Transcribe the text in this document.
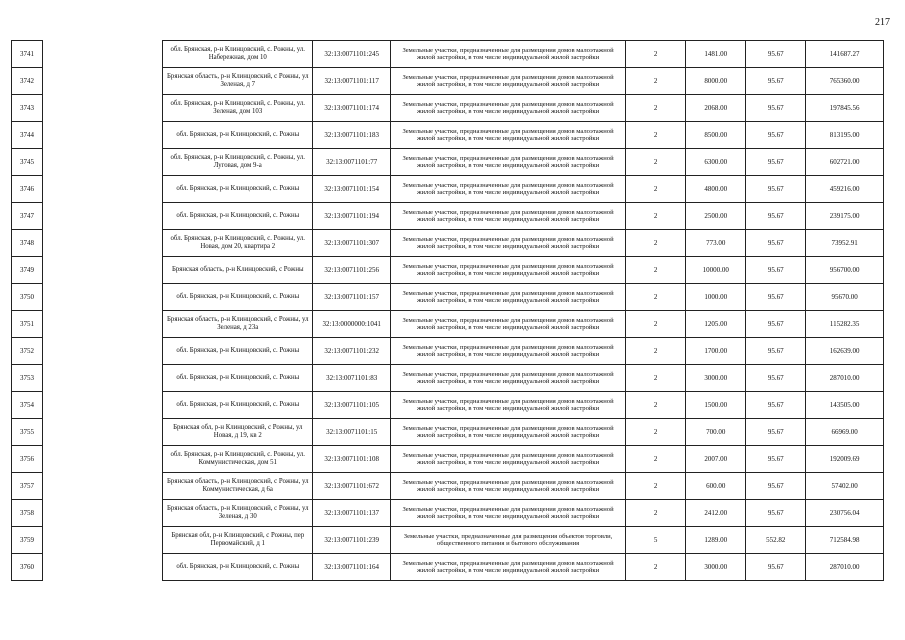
217
3741		обл. Брянская, р-н Клинцовский, с. Рожны, ул. Набережная, дом 10	32:13:0071101:245	Земельные участки, предназначенные для размещения домов малоэтажной жилой застройки, в том числе индивидуальной жилой застройки	2	1481.00	95.67	141687.27
3742		Брянская область, р-н Клинцовский, с Рожны, ул Зеленая, д 7	32:13:0071101:117	Земельные участки, предназначенные для размещения домов малоэтажной жилой застройки, в том числе индивидуальной жилой застройки	2	8000.00	95.67	765360.00
3743		обл. Брянская, р-н Клинцовский, с. Рожны, ул. Зеленая, дом 103	32:13:0071101:174	Земельные участки, предназначенные для размещения домов малоэтажной жилой застройки, в том числе индивидуальной жилой застройки	2	2068.00	95.67	197845.56
3744		обл. Брянская, р-н Клинцовский, с. Рожны	32:13:0071101:183	Земельные участки, предназначенные для размещения домов малоэтажной жилой застройки, в том числе индивидуальной жилой застройки	2	8500.00	95.67	813195.00
3745		обл. Брянская, р-н Клинцовский, с. Рожны, ул. Луговая, дом 9-а	32:13:0071101:77	Земельные участки, предназначенные для размещения домов малоэтажной жилой застройки, в том числе индивидуальной жилой застройки	2	6300.00	95.67	602721.00
3746		обл. Брянская, р-н Клинцовский, с. Рожны	32:13:0071101:154	Земельные участки, предназначенные для размещения домов малоэтажной жилой застройки, в том числе индивидуальной жилой застройки	2	4800.00	95.67	459216.00
3747		обл. Брянская, р-н Клинцовский, с. Рожны	32:13:0071101:194	Земельные участки, предназначенные для размещения домов малоэтажной жилой застройки, в том числе индивидуальной жилой застройки	2	2500.00	95.67	239175.00
3748		обл. Брянская, р-н Клинцовский, с. Рожны, ул. Новая, дом 20, квартира 2	32:13:0071101:307	Земельные участки, предназначенные для размещения домов малоэтажной жилой застройки, в том числе индивидуальной жилой застройки	2	773.00	95.67	73952.91
3749		Брянская область, р-н Клинцовский, с Рожны	32:13:0071101:256	Земельные участки, предназначенные для размещения домов малоэтажной жилой застройки, в том числе индивидуальной жилой застройки	2	10000.00	95.67	956700.00
3750		обл. Брянская, р-н Клинцовский, с. Рожны	32:13:0071101:157	Земельные участки, предназначенные для размещения домов малоэтажной жилой застройки, в том числе индивидуальной жилой застройки	2	1000.00	95.67	95670.00
3751		Брянская область, р-н Клинцовский, с Рожны, ул Зеленая, д 23а	32:13:0000000:1041	Земельные участки, предназначенные для размещения домов малоэтажной жилой застройки, в том числе индивидуальной жилой застройки	2	1205.00	95.67	115282.35
3752		обл. Брянская, р-н Клинцовский, с. Рожны	32:13:0071101:232	Земельные участки, предназначенные для размещения домов малоэтажной жилой застройки, в том числе индивидуальной жилой застройки	2	1700.00	95.67	162639.00
3753		обл. Брянская, р-н Клинцовский, с. Рожны	32:13:0071101:83	Земельные участки, предназначенные для размещения домов малоэтажной жилой застройки, в том числе индивидуальной жилой застройки	2	3000.00	95.67	287010.00
3754		обл. Брянская, р-н Клинцовский, с. Рожны	32:13:0071101:105	Земельные участки, предназначенные для размещения домов малоэтажной жилой застройки, в том числе индивидуальной жилой застройки	2	1500.00	95.67	143505.00
3755		Брянская обл, р-н Клинцовский, с Рожны, ул Новая, д 19, кв 2	32:13:0071101:15	Земельные участки, предназначенные для размещения домов малоэтажной жилой застройки, в том числе индивидуальной жилой застройки	2	700.00	95.67	66969.00
3756		обл. Брянская, р-н Клинцовский, с. Рожны, ул. Коммунистическая, дом 51	32:13:0071101:108	Земельные участки, предназначенные для размещения домов малоэтажной жилой застройки, в том числе индивидуальной жилой застройки	2	2007.00	95.67	192009.69
3757		Брянская область, р-н Клинцовский, с Рожны, ул Коммунистическая, д 6а	32:13:0071101:672	Земельные участки, предназначенные для размещения домов малоэтажной жилой застройки, в том числе индивидуальной жилой застройки	2	600.00	95.67	57402.00
3758		Брянская область, р-н Клинцовский, с Рожны, ул Зеленая, д 30	32:13:0071101:137	Земельные участки, предназначенные для размещения домов малоэтажной жилой застройки, в том числе индивидуальной жилой застройки	2	2412.00	95.67	230756.04
3759		Брянская обл, р-н Клинцовский, с Рожны, пер Первомайский, д 1	32:13:0071101:239	Земельные участки, предназначенные для размещения объектов торговли, общественного питания и бытового обслуживания	5	1289.00	552.82	712584.98
3760		обл. Брянская, р-н Клинцовский, с. Рожны	32:13:0071101:164	Земельные участки, предназначенные для размещения домов малоэтажной жилой застройки, в том числе индивидуальной жилой застройки	2	3000.00	95.67	287010.00
